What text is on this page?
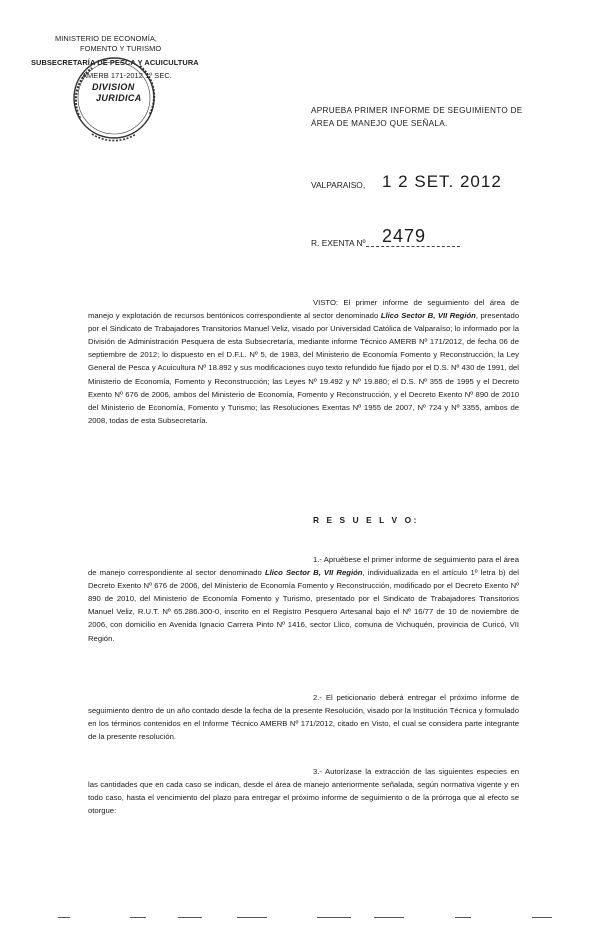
MINISTERIO DE ECONOMÍA,
FOMENTO Y TURISMO
SUBSECRETARÍA DE PESCA Y ACUICULTURA
AMERB 171-2012 1º SEC.
DIVISION
JURIDICA
APRUEBA PRIMER INFORME DE SEGUIMIENTO DE
ÁREA DE MANEJO QUE SEÑALA.
VALPARAISO, 1 2 SET. 2012
R. EXENTA Nº 2479
VISTO: El primer informe de seguimiento del área de manejo y explotación de recursos bentónicos correspondiente al sector denominado Llico Sector B, VII Región, presentado por el Sindicato de Trabajadores Transitorios Manuel Veliz, visado por Universidad Católica de Valparaíso; lo informado por la División de Administración Pesquera de esta Subsecretaría, mediante informe Técnico AMERB Nº 171/2012, de fecha 06 de septiembre de 2012; lo dispuesto en el D.F.L. Nº 5, de 1983, del Ministerio de Economía Fomento y Reconstrucción, la Ley General de Pesca y Acuicultura Nº 18.892 y sus modificaciones cuyo texto refundido fue fijado por el D.S. Nº 430 de 1991, del Ministerio de Economía, Fomento y Reconstrucción; las Leyes Nº 19.492 y Nº 19.880; el D.S. Nº 355 de 1995 y el Decreto Exento Nº 676 de 2006, ambos del Ministerio de Economía, Fomento y Reconstrucción, y el Decreto Exento Nº 890 de 2010 del Ministerio de Economía, Fomento y Turismo; las Resoluciones Exentas Nº 1955 de 2007, Nº 724 y Nº 3355, ambos de 2008, todas de esta Subsecretaría.
R E S U E L V O:
1.- Apruébese el primer informe de seguimiento para el área de manejo correspondiente al sector denominado Llico Sector B, VII Región, individualizada en el artículo 1º letra b) del Decreto Exento Nº 676 de 2006, del Ministerio de Economía Fomento y Reconstrucción, modificado por el Decreto Exento Nº 890 de 2010, del Ministerio de Economía Fomento y Turismo, presentado por el Sindicato de Trabajadores Transitorios Manuel Veliz, R.U.T. Nº 65.286.300-0, inscrito en el Registro Pesquero Artesanal bajo el Nº 16/77 de 10 de noviembre de 2006, con domicilio en Avenida Ignacio Carrera Pinto Nº 1416, sector Llico, comuna de Vichuquén, provincia de Curicó, VII Región.
2.- El peticionario deberá entregar el próximo informe de seguimiento dentro de un año contado desde la fecha de la presente Resolución, visado por la Institución Técnica y formulado en los términos contenidos en el Informe Técnico AMERB Nº 171/2012, citado en Visto, el cual se considera parte integrante de la presente resolución.
3.- Autorízase la extracción de las siguientes especies en las cantidades que en cada caso se indican, desde el área de manejo anteriormente señalada, según normativa vigente y en todo caso, hasta el vencimiento del plazo para entregar el próximo informe de seguimiento o de la prórroga que al efecto se otorgue:
